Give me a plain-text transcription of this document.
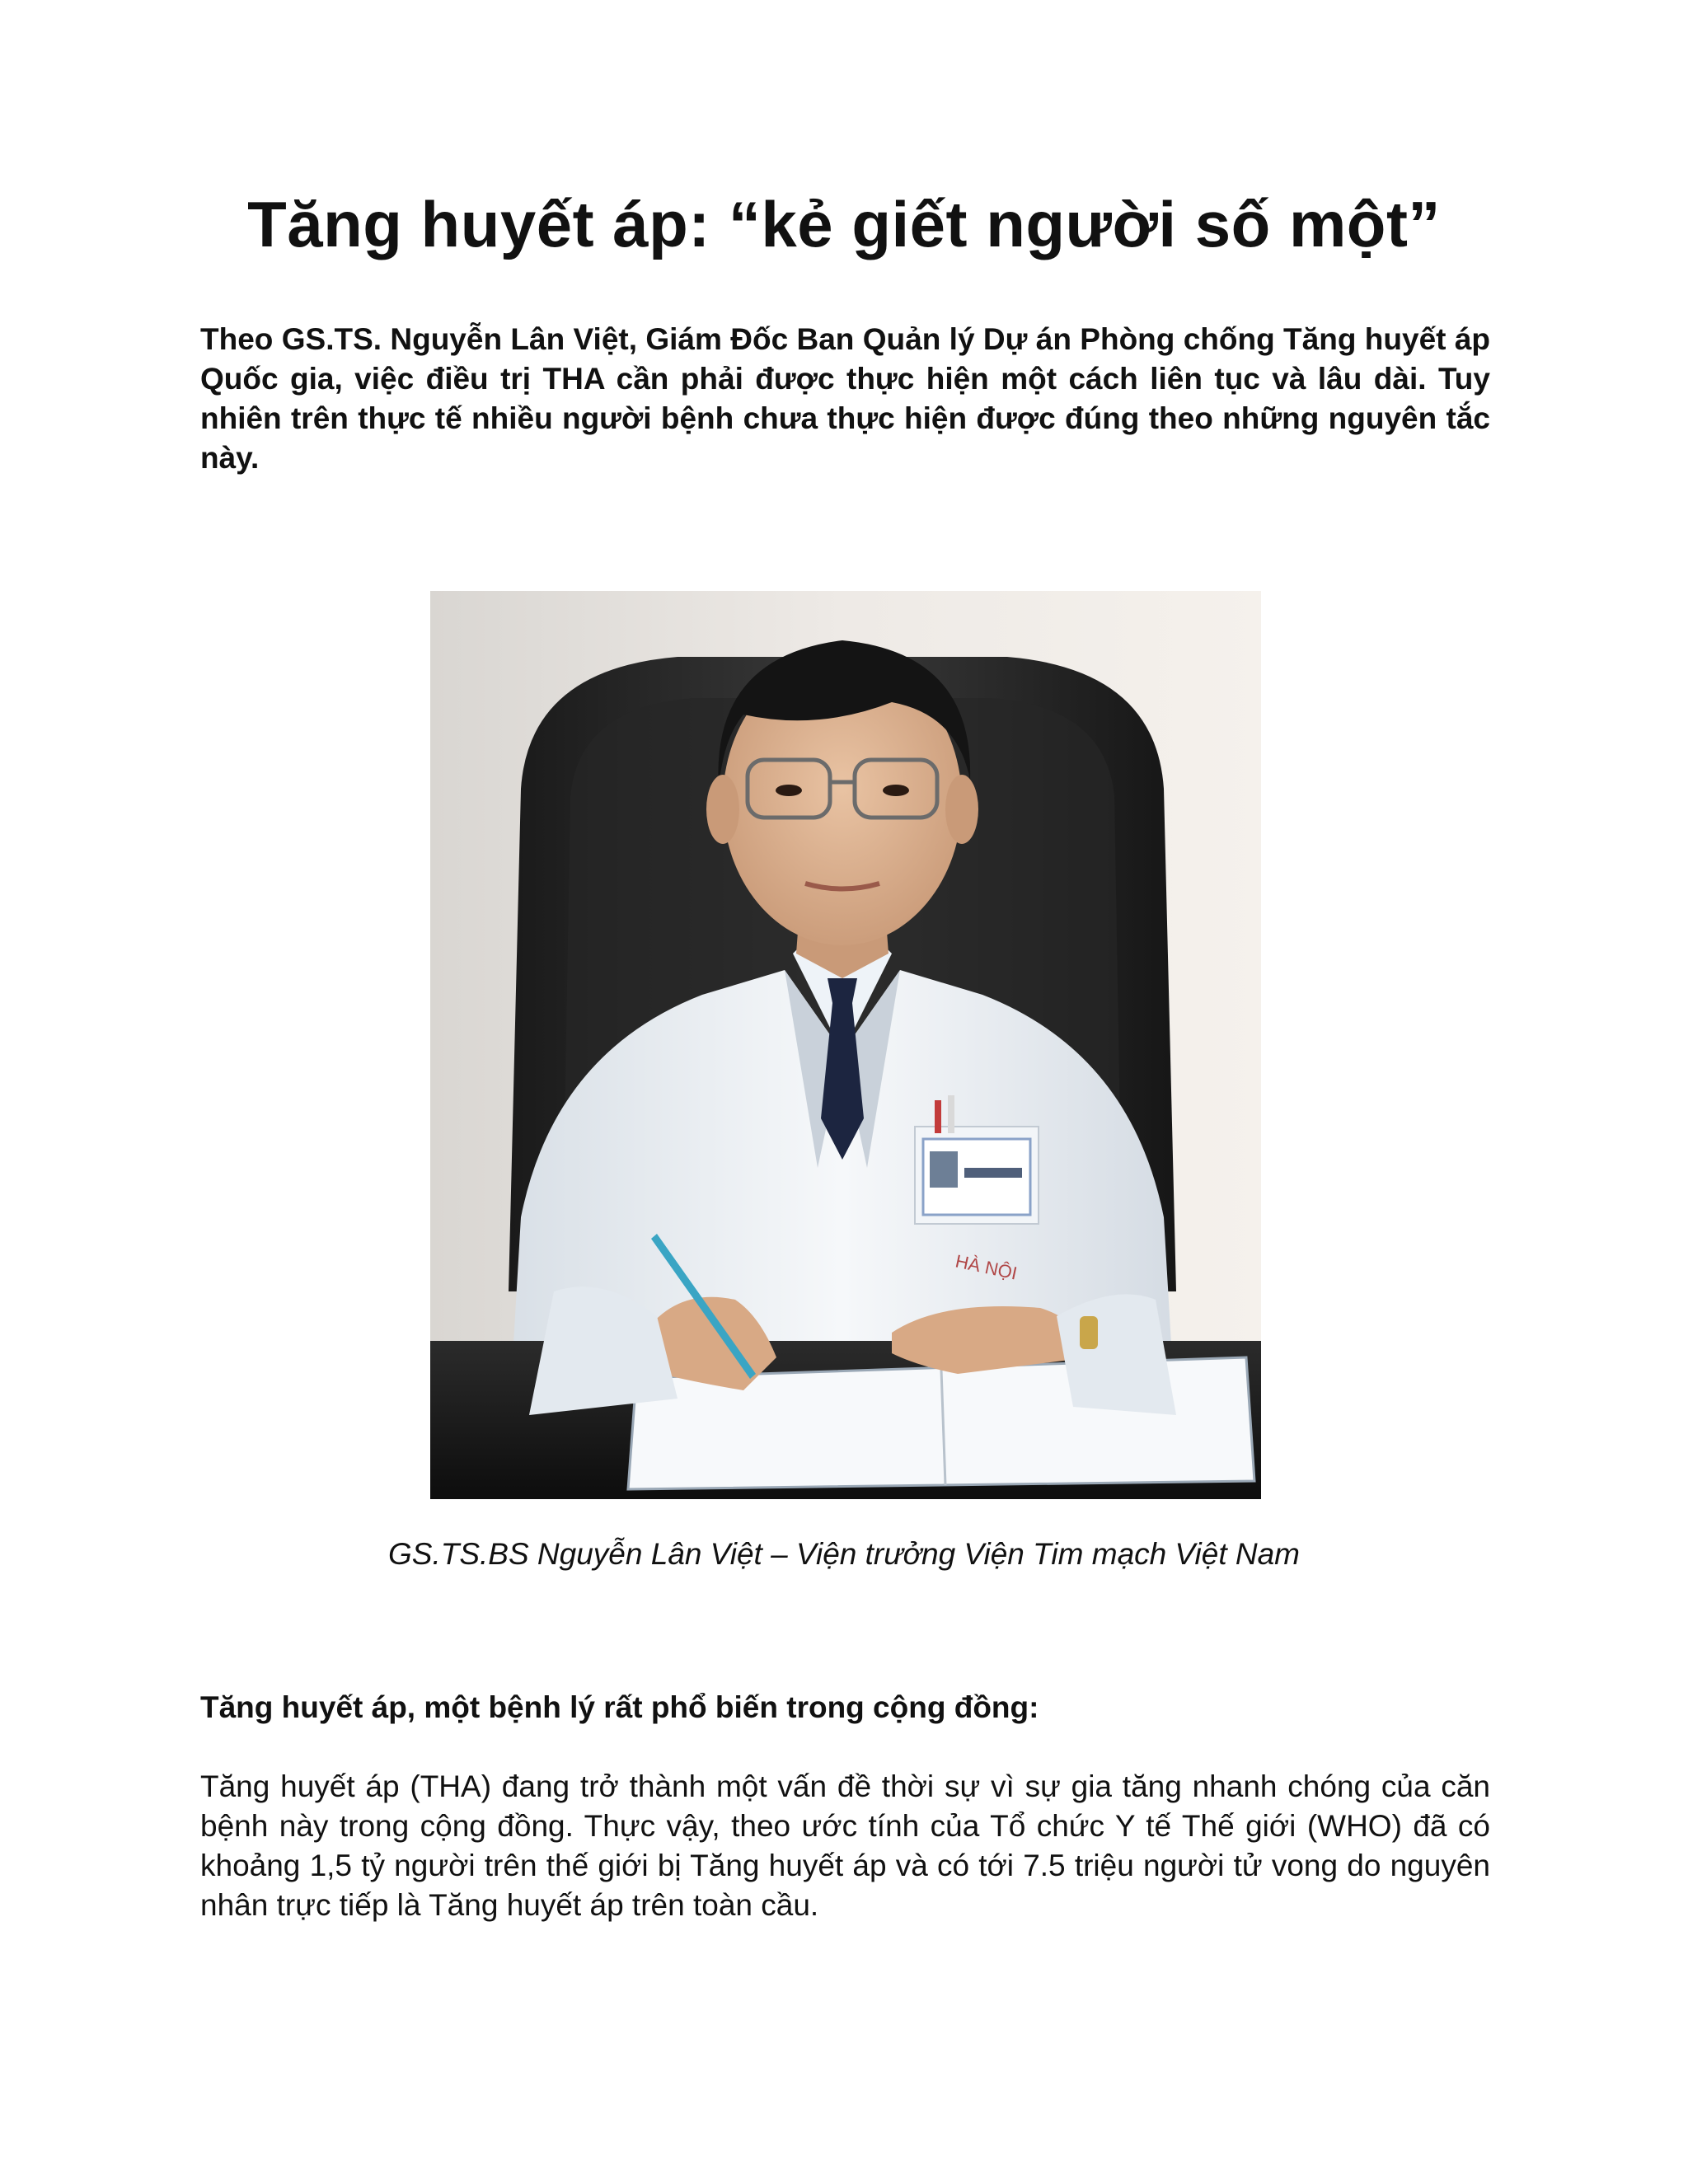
Tăng huyết áp: “kẻ giết người số một”

Theo GS.TS. Nguyễn Lân Việt, Giám Đốc Ban Quản lý Dự án Phòng chống Tăng huyết áp Quốc gia, việc điều trị THA cần phải được thực hiện một cách liên tục và lâu dài. Tuy nhiên trên thực tế nhiều người bệnh chưa thực hiện được đúng theo những nguyên tắc này.

HÀ NỘI

GS.TS.BS Nguyễn Lân Việt – Viện trưởng Viện Tim mạch Việt Nam

Tăng huyết áp, một bệnh lý rất phổ biến trong cộng đồng:

Tăng huyết áp (THA) đang trở thành một vấn đề thời sự vì sự gia tăng nhanh chóng của căn bệnh này trong cộng đồng. Thực vậy, theo ước tính của Tổ chức Y tế Thế giới (WHO) đã có khoảng 1,5 tỷ người trên thế giới bị Tăng huyết áp và có tới 7.5 triệu người tử vong do nguyên nhân trực tiếp là Tăng huyết áp trên toàn cầu.
